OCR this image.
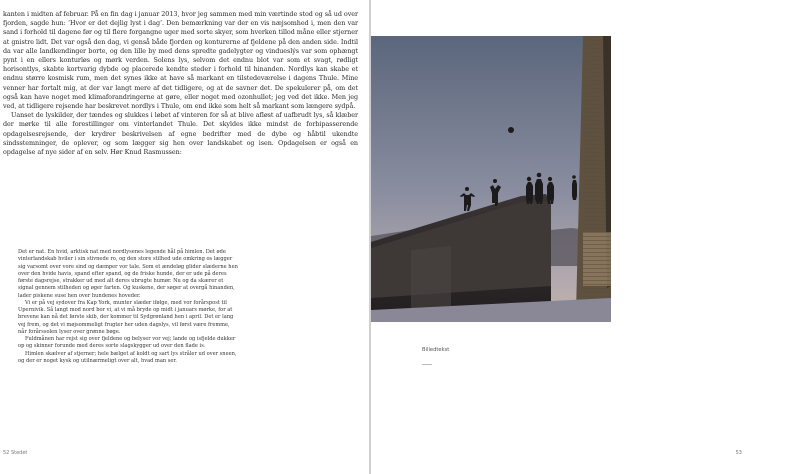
kanten i midten af februar. På en fin dag i januar 2013, hvor jeg sammen med min værtinde stod og så ud over fjorden, sagde hun: ‘Hvor er det dejlig lyst i dag’. Den bemærkning var der en vis næjsomhed i, men den var sand i forhold til dagene før og til flere forgangne uger med sorte skyer, som hverken tillod måne eller stjerner at gnistre lidt. Det var også den dag, vi genså både fjorden og konturerne af fjeldene på den anden side. Indtil da var alle landkendinger borte, og den lille by med dens spredte gadelygter og vindueslýs var som ophængt pynt i en ellers konturløs og mørk verden. Solens lys, selvom det endnu blot var som et svagt, rødligt horisontlys, skabte kortvarig dybde og placerede kendte steder i forhold til hinanden. Nordlys kan skabe et endnu større kosmisk rum, men det synes ikke at have så markant en tilstedeværelse i dagens Thule. Mine venner har fortalt mig, at der var langt mere af det tidligere, og at de savner det. De spekulerer på, om det også kan have noget med klimaforandringerne at gøre, eller noget med ozonhullet; jeg ved det ikke. Men jeg ved, at tidligere rejsende har beskrevet nordlys i Thule, om end ikke som helt så markant som længere sydpå.

Uanset de lyskilder, der tændes og slukkes i løbet af vinteren for så at blive afløst af uafbrudt lys, så klæber der mørke til alle forestillinger om vinterlandet Thule. Det skyldes ikke mindst de forbipasserende opdagelsesrejsende, der krydrer beskrivelsen af egne bedrifter med de dybe og håbtil ukendte sindsstemninger, de oplever, og som lægger sig hen over landskabet og isen. Opdagelsen er også en opdagelse af nye sider af en selv. Hør Knud Rasmussen:

Det er nat. En hvid, arktisk nat med nordlysenes legende hål på himlen. Det øde vinterlandskab hviler i sin stivnede ro, og den store stilhed ude omkring os lægger sig varsomt over vore sind og dæmper vor tale. Som et ændeløg glider slæderne hen over den hvide havis, spand efter spand, og de friske hunde, der er ude på deres første dagsrejse, strakker ud med alt deres ubrugte humør. Nu og da skærer et signal gennem stilheden og øger farten. Og kuskene, der søger at overgå hinanden, lader piskene suse hen over hundenes hoveder.

Vi er på vej sydover fra Kap York, munter slæder ifølge, med vor forårspost til Upernivik. Så langt mod nord bor vi, at vi må bryde op midt i januars mørke, for at brevene kan nå det første skib, der kommer til Sydgrønland hen i april. Det er lang vej frem, og det vi møjsommeligt frugter her uden dagslys, vil først være fremme, når forårssolen lyser over grønne bøge.

Fuldmånen har rejst sig over fjeldene og belyser vor vej; lande og isfjelde dukker op og skinner forunde med deres sorte slagskygger ud over den flade is.

Himlen skælver af stjerner; hele bælget af koldt og sart lys stråler ud over sneen, og der er noget kysk og utilnærmeligt over alt, hvad man ser.

52 Stedet
Billedtekst
53
